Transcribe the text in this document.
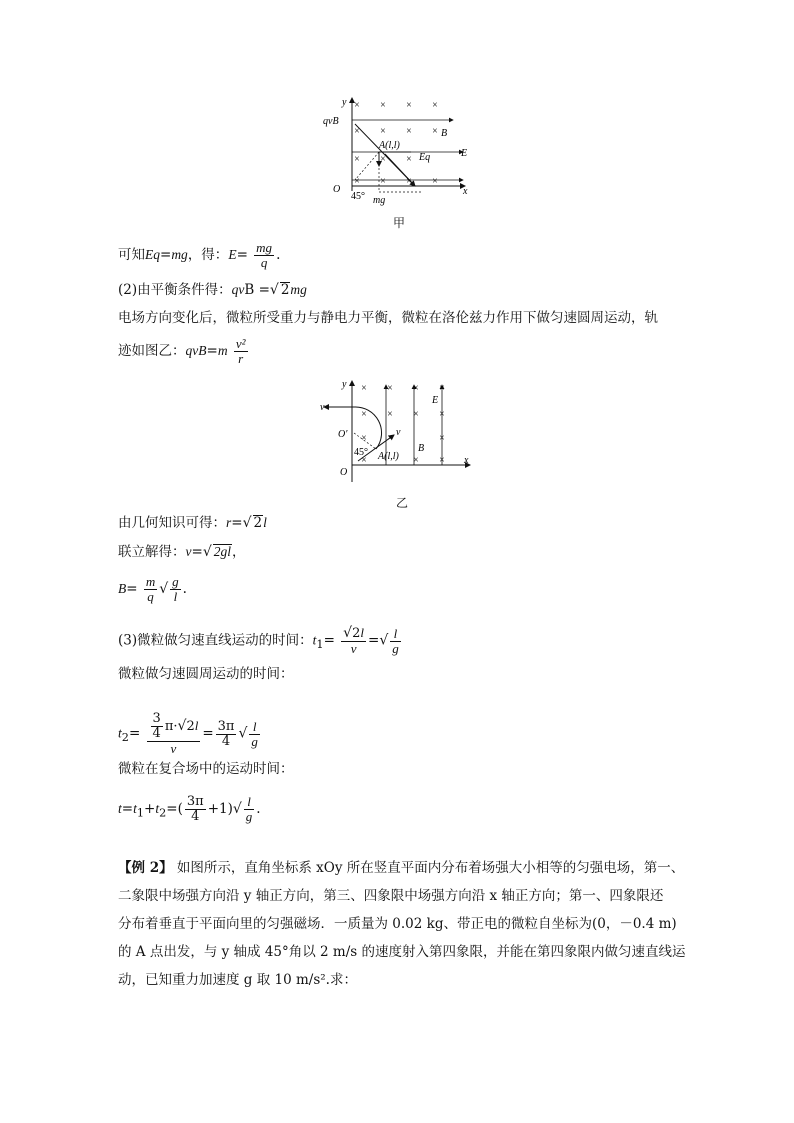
× × × ×
× × × ×
× × ×
× × × ×
y
qvB
B
A(l,l)
Eq	E
O	x
45° mg
甲
可知Eq=mg，得：$E= \frac{mg}{q}$ .
(2)由平衡条件得：qvB =√ 2mg
电场方向变化后，微粒所受重力与静电力平衡，微粒在洛伦兹力作用下做匀速圆周运动，轨
迹如图乙：$qvB=m \frac{\text{v²}}{r}$
× × × ×
× × × ×
× ×	×
×	× ×
y
v
O′	v
45° A(l,l)
B
E
O
x
乙
由几何知识可得：r=√ 2l
联立解得：v=√ 2gl，
$B= \frac{m}{q}$ √ $\frac{g}{l}$ .
(3)微粒做匀速直线运动的时间：$t_1= \frac{√2l}{v}$ =√ $\frac{l}{g}$
微粒做匀速圆周运动的时间：
$t_2= \frac{\frac{3}{4} \pi\cdot√2l}{v} = \frac{3\pi}{4}$ √ $\frac{l}{g}$
微粒在复合场中的运动时间：
$t=t_1+t_2=( \frac{3\pi}{4} +1)√ \frac{l}{g}$ .
【例 2】 如图所示，直角坐标系 xOy 所在竖直平面内分布着场强大小相等的匀强电场，第一、
二象限中场强方向沿 y 轴正方向，第三、四象限中场强方向沿 x 轴正方向；第一、四象限还
分布着垂直于平面向里的匀强磁场．一质量为 0.02 kg、带正电的微粒自坐标为(0，－0.4 m)
的 A 点出发，与 y 轴成 45°角以 2 m/s 的速度射入第四象限，并能在第四象限内做匀速直线运
动，已知重力加速度 g 取 10 m/s².求：
